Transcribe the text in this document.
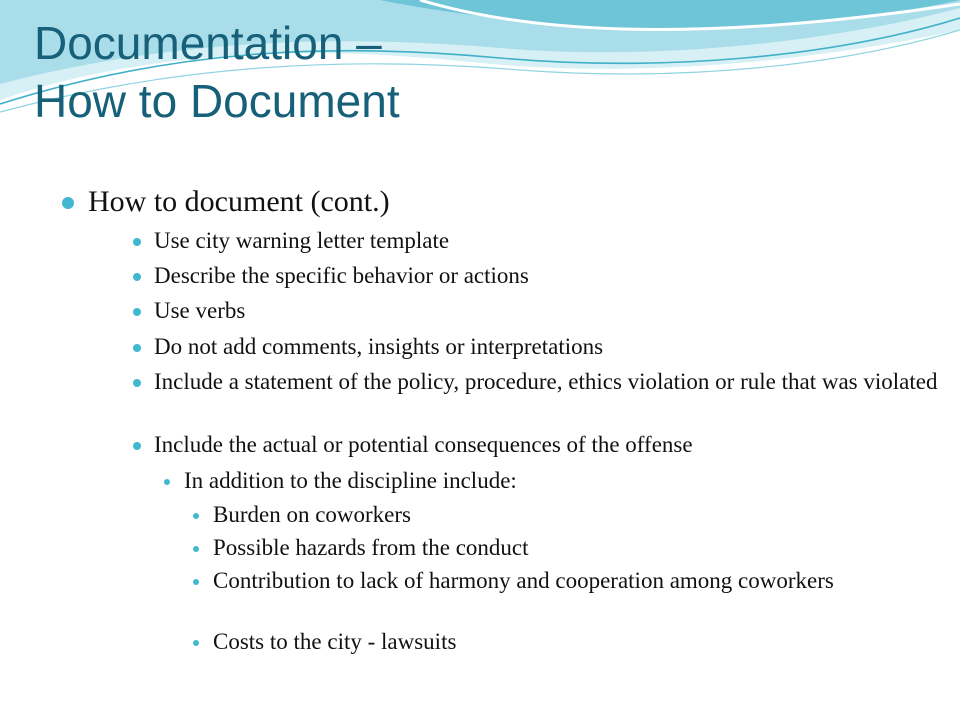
Documentation –
How to Document
How to document (cont.)
Use city warning letter template
Describe the specific behavior or actions
Use verbs
Do not add comments, insights or interpretations
Include a statement of the policy, procedure, ethics violation or rule that was violated
Include the actual or potential consequences of the offense
In addition to the discipline include:
Burden on coworkers
Possible hazards from the conduct
Contribution to lack of harmony and cooperation among coworkers
Costs to the city - lawsuits
